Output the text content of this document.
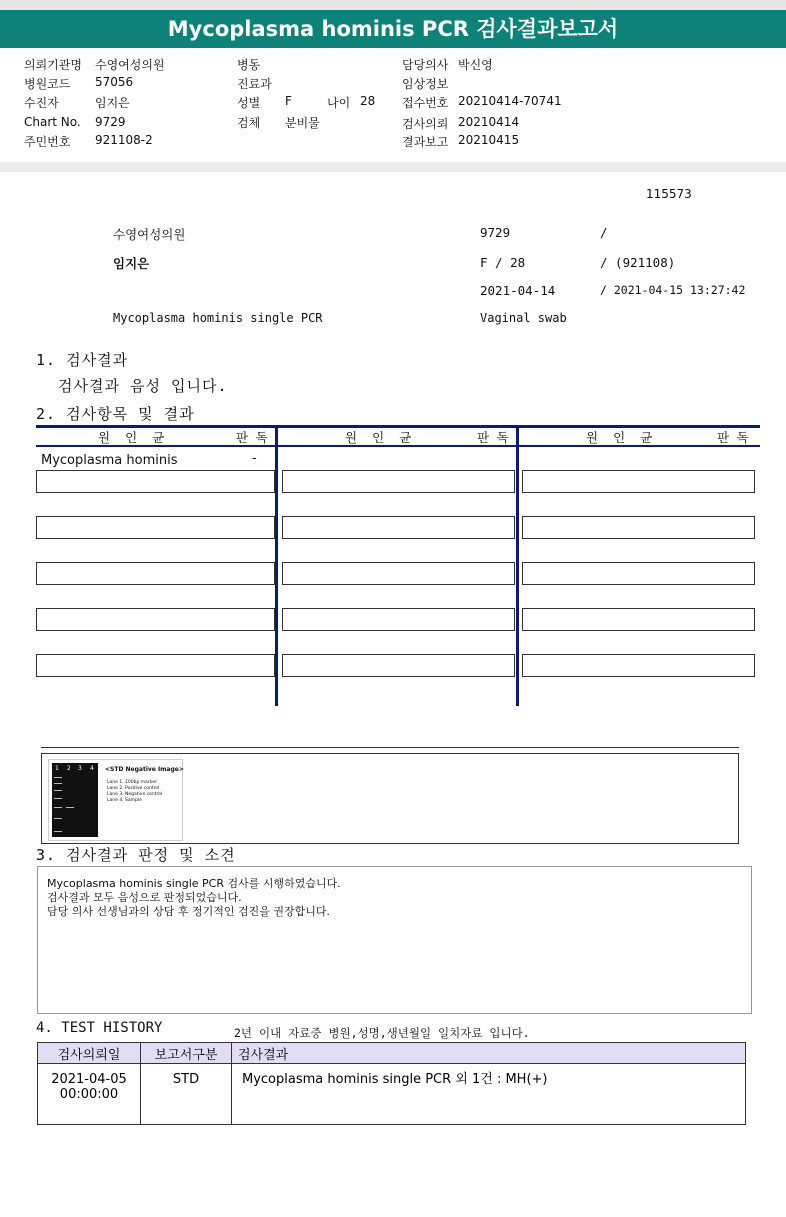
Mycoplasma hominis PCR 검사결과보고서
의뢰기관명 수영여성의원
병원코드 57056
수진자	임지은
Chart No. 9729
주민번호 921108-2
병동
진료과
성별 F	나이 28
검체 분비물
담당의사 박신영
임상정보
접수번호 20210414-70741
검사의뢰 20210414
결과보고 20210415
115573
수영여성의원	9729	/
임지은	F / 28	/ (921108)
2021-04-14	/ 2021-04-15 13:27:42
Mycoplasma hominis single PCR	Vaginal swab
1. 검사결과
검사결과 음성 입니다.
2. 검사항목 및 결과
원  인  균	판 독	원  인  균	판 독	원  인  균	판 독
Mycoplasma hominis	-
1 2 3 4 <STD Negative Image>
Lane 1. 100bp marker
Lane 2. Positive control
Lane 3. Negative control
Lane 4. Sample
3. 검사결과 판정 및 소견
Mycoplasma hominis single PCR 검사를 시행하였습니다.
검사결과 모두 음성으로 판정되었습니다.
담당 의사 선생님과의 상담 후 정기적인 검진을 권장합니다.
4. TEST HISTORY	2년 이내 자료중 병원,성명,생년월일 일치자료 입니다.
검사의뢰일	보고서구분	검사결과

2021-04-05
00:00:00	STD	Mycoplasma hominis single PCR 외 1건 : MH(+)
